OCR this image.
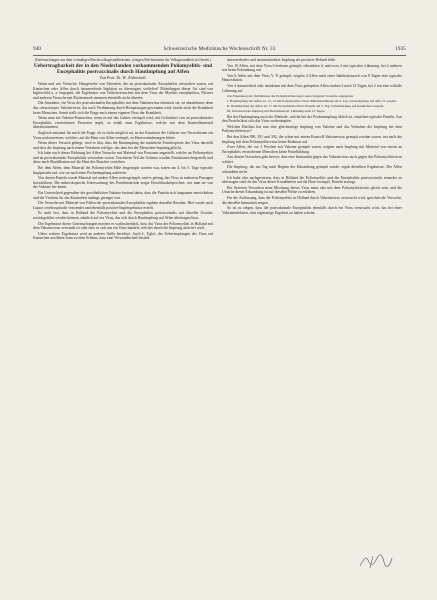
940	Schweizerische Medizinische Wochenschrift Nr. 33	1935

(Untersuchungen aus dem vormaligen Reichsvolksgesundheitsamt, jetzigen Reichsinstitut für Volksgesundheit in Utrecht.)

Uebertragbarkeit der in den Niederlanden vorkommenden Poliomyelitis- und Encephalitis postvaccinalis durch Hautimpfung auf Affen

Von Prof. Dr. H. Aldershoff.

Wann und wie Versuche, Hirngewebe von Patienten, die an postvakzinaler Encephalitis verstorben waren, auf Kaninchen oder Affen durch intrazerebrale Injektion zu übertragen, verliefen? Mitteilungen dieser Art sind von Ingleschild u. a. begegnet; die Ergebnisse von Teilzeitversuchen mit dem Virus der Myelitis encephalitica, Flexner und anderen Versuche mit Rückenmark stimmen ebenfalls nicht überein.

Die Annahme, ein Virus der postvakzinalen Encephalitis mit dem Vakzinevirus identisch sei, ist abzulehnen; denn das «neurotrope» Vakzinevirus, das nach Verdünnung durch Hirnpassagen gewonnen wird, macht nicht die Krankheit beim Menschen. Somit stellt sich die Frage nach einem eigenen Virus der Krankheit.

Wenn man ein Vakzine-Kaninchen, wenn es auf das Gehirn verimpft wird, mit Gehirnbrei von an postvakzinaler Encephalitis verstorbenen Personen impft, so erhält man Ergebnisse, welche mit dem Kontrollmaterial übereinstimmen.

Zugleich entstand für mich die Frage, ob es nicht möglich sei, in der Emulsion der Gehirne von Verstorbenen ein Virus nachzuweisen, welches, auf die Haut von Affen verimpft, zu Hautveränderungen führte.

Wenn dieser Versuch gelingt, wird es klar, dass die Hautimpfung die natürliche Eintrittspforte des Virus darstellt und dass die Impfung nach einem Verfahren erfolgte, das dem bei der Menschen-Impfung gleicht.

Ich habe nach dieser Richtung bei Affen Versuche mit Material von Personen angestellt, welche an Poliomyelitis und an postvakzinaler Encephalitis verstorben waren. Von einem Teil der Gehirne wurden Emulsionen hergestellt und diese nach Skarifikation auf die Haut des Bauches verrieben.

Bei dem Affen, dem Material der Poliomyelitis-Fälle eingeimpft worden war, traten am 4. bis 5. Tage typische Impfpusteln auf, wie sie nach einer Pockenimpfung auftreten.

Von diesen Pusteln wurde Material auf andere Affen weitergeimpft, und es gelang, das Virus in mehreren Passagen fortzuführen. Die mikroskopische Untersuchung des Pustelmaterials zeigte Einschlusskörperchen, wie man sie von der Vakzine her kennt.

Ein Unterschied gegenüber der gewöhnlichen Vakzine bestand darin, dass die Pusteln sich langsamer entwickelten und die Virulenz für das Kaninchen anfangs geringer war.

Die Versuche mit Material von Fällen der postvakzinalen Encephalitis ergaben dasselbe Resultat. Hier wurde auch Liquor cerebrospinalis verwendet und ebenfalls positive Impfergebnisse erzielt.

Es steht fest, dass in Holland die Poliomyelitis und die Encephalitis postvaccinalis auf dieselbe Ursache zurückgeführt werden können, nämlich auf ein Virus, das sich durch Hautimpfung auf Affen übertragen lässt.

Die Ergebnisse dieser Untersuchungen machen es wahrscheinlich, dass das Virus der Poliomyelitis in Holland mit dem Vakzinevirus verwandt ist oder dass es sich um ein Virus handelt, welches durch die Impfung aktiviert wird.

Ueber weitere Ergebnisse wird an anderer Stelle berichtet. Auch L. Eglof, der Ueberimpfungen des Virus auf Kaninchen ausführte, kam zu dem Schluss, dass eine Verwandtschaft besteht.

intrazerebraler und intramuskulärer Impfung ein positiver Befund fehlt.

Von 10 Affen, mit dem Virus-Cerebrum geimpft, erkrankten 4, und zwar 2 mit typischer Lähmung; bei 2 anderen trat keine Erkrankung auf.

Von 6 Affen mit dem Virus V. P. geimpft, zeigten 4 Affen nach einer Inkubationszeit von 8 Tagen eine typische Hautreaktion.

Von 4 intrazerebral oder intrakutan mit dem Virus geimpften Affen starben 2 nach 14 Tagen, bei 2 trat eine schlaffe Lähmung auf.

Zur Erkennung der Verhältnisse der Poliomyelitiserreger seien folgende Versuche angegeben:

I. Hautimpfung der Affen 12, 13, 14 mit Poliomyelitis-Virus: Bläschenbildung am 4. Tag. Ueberimpfung auf Affe 15: positiv.

II. Hautimpfung der Affen 16, 17 mit Encephalitis-Virus: Pusteln am 5. Tag. Ueberimpfung auf Kaninchen: negativ.

III. Intrazerebrale Impfung mit Pustelmaterial: Lähmung nach 12 Tagen.

Bei der Hautimpfung nach der Methode, welche bei der Pockenimpfung üblich ist, entstehen typische Pusteln. Aus den Pusteln lässt sich das Virus weiterimpfen.

Welchen Einfluss hat nun eine gleichzeitige Impfung von Vakzine und das Verhalten der Impfung bei dem Poliomyelitisvirus?

Bei den Affen 390, 391 und 392, die schon mit einem Kontroll-Vakzinevirus geimpft worden waren, trat nach der Impfung mit dem Poliomyelitisvirus keine Reaktion auf.

Zwei Affen, die vor 3 Wochen mit Vakzine geimpft waren, zeigten nach Impfung mit Material von einem an Encephalitis verstorbenen Menschen keine Pustelbildung.

Aus diesen Versuchen geht hervor, dass eine Immunität gegen das Vakzinevirus auch gegen das Poliomyelitisvirus schützt.

Die Impfung, die am Tag nach Beginn der Erkrankung geimpft wurde, ergab dieselben Ergebnisse. Die Affen erkrankten nicht.

Ich habe also nachgewiesen, dass in Holland die Poliomyelitis und die Encephalitis postvaccinalis einander zu übertragen sind; da das Virus dieser Krankheiten auf die Haut verimpft, Pusteln erzeugt.

Bei letzteren Versuchen neue Mischung dieses Virus muss also mit dem Poliomyelitisvirus gleich sein, und die Ursache dieser Erkrankung ist auf dieselbe Weise zu erklären.

Für die Auffassung, dass die Poliomyelitis in Holland durch Vakzinevirus verursacht wird, sprechen die Versuche, die dieselbe Immunität zeigen.

So ist zu zeigen, dass die postvakzinale Encephalitis ebenfalls durch ein Virus verursacht wird, das bei einer Vakzineinfektion, eine eigenartige Ergebnis zu haben scheint.
